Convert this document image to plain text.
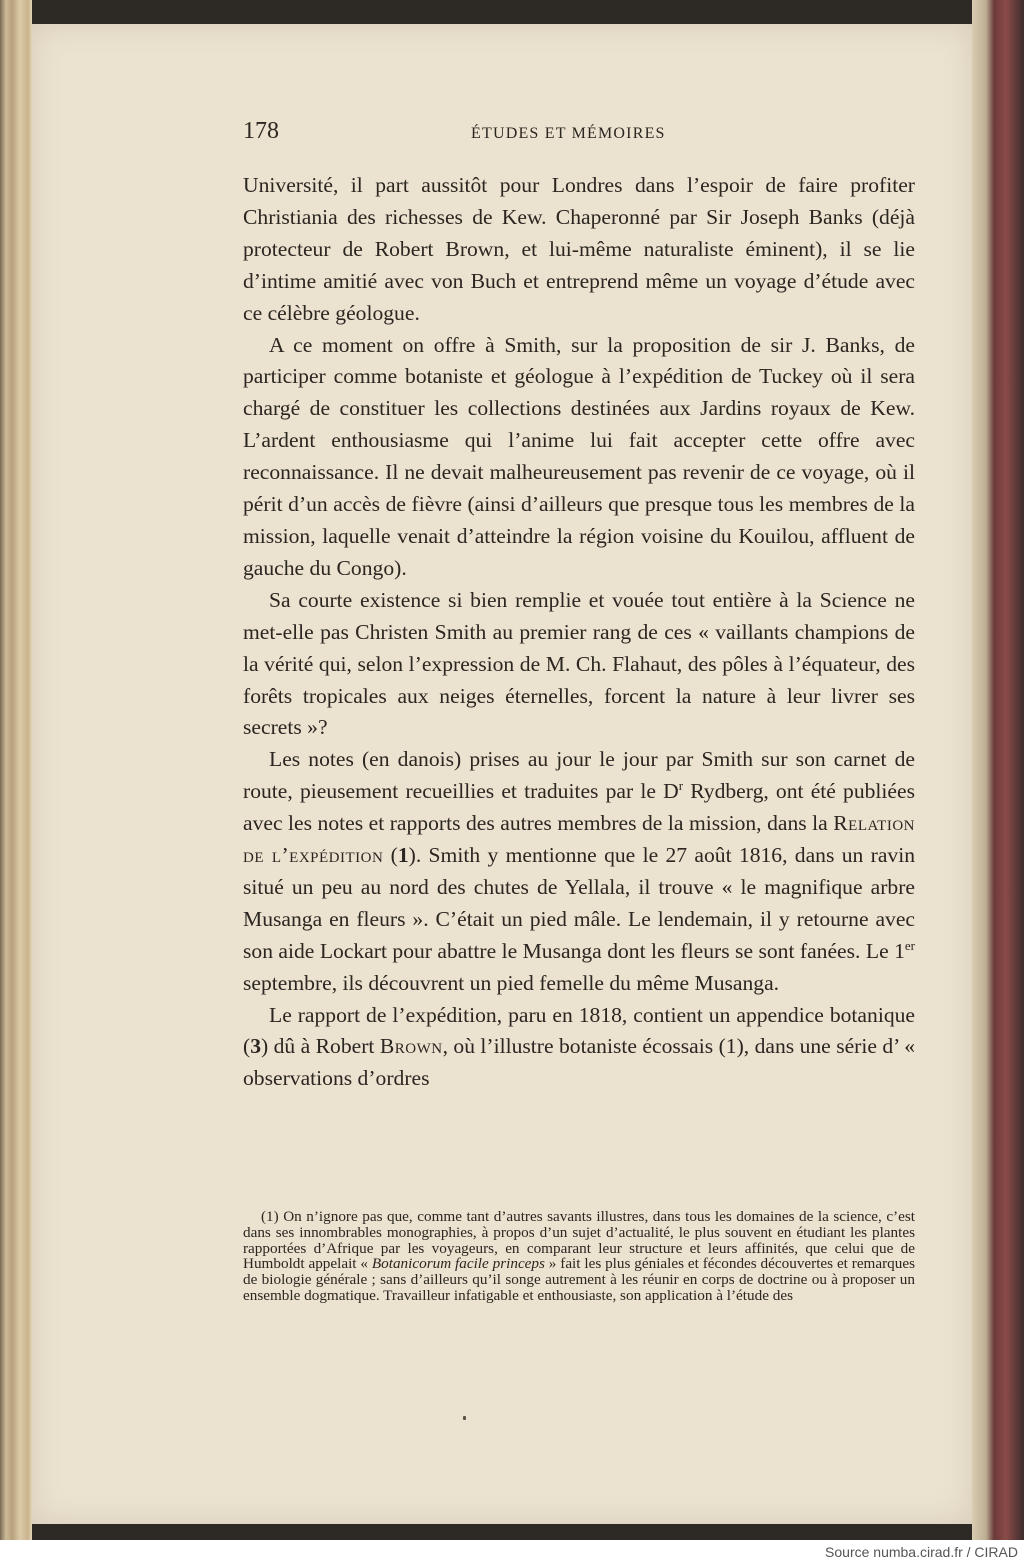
178	ÉTUDES ET MÉMOIRES

Université, il part aussitôt pour Londres dans l’espoir de faire profiter Christiania des richesses de Kew. Chaperonné par Sir Joseph Banks (déjà protecteur de Robert Brown, et lui-même naturaliste éminent), il se lie d’intime amitié avec von Buch et entreprend même un voyage d’étude avec ce célèbre géologue.

A ce moment on offre à Smith, sur la proposition de sir J. Banks, de participer comme botaniste et géologue à l’expédition de Tuckey où il sera chargé de constituer les collections destinées aux Jardins royaux de Kew. L’ardent enthousiasme qui l’anime lui fait accepter cette offre avec reconnaissance. Il ne devait malheureusement pas revenir de ce voyage, où il périt d’un accès de fièvre (ainsi d’ailleurs que presque tous les membres de la mission, laquelle venait d’atteindre la région voisine du Kouilou, affluent de gauche du Congo).

Sa courte existence si bien remplie et vouée tout entière à la Science ne met-elle pas Christen Smith au premier rang de ces « vaillants champions de la vérité qui, selon l’expression de M. Ch. Flahaut, des pôles à l’équateur, des forêts tropicales aux neiges éternelles, forcent la nature à leur livrer ses secrets »?

Les notes (en danois) prises au jour le jour par Smith sur son carnet de route, pieusement recueillies et traduites par le $D^r$ Rydberg, ont été publiées avec les notes et rapports des autres membres de la mission, dans la Relation de l’expédition (1). Smith y mentionne que le 27 août 1816, dans un ravin situé un peu au nord des chutes de Yellala, il trouve « le magnifique arbre Musanga en fleurs ». C’était un pied mâle. Le lendemain, il y retourne avec son aide Lockart pour abattre le Musanga dont les fleurs se sont fanées. Le 1er septembre, ils découvrent un pied femelle du même Musanga.

Le rapport de l’expédition, paru en 1818, contient un appendice botanique (3) dû à Robert Brown, où l’illustre botaniste écossais (1), dans une série d’ « observations d’ordres

(1) On n’ignore pas que, comme tant d’autres savants illustres, dans tous les domaines de la science, c’est dans ses innombrables monographies, à propos d’un sujet d’actualité, le plus souvent en étudiant les plantes rapportées d’Afrique par les voyageurs, en comparant leur structure et leurs affinités, que celui que de Humboldt appelait « Botanicorum facile princeps » fait les plus géniales et fécondes découvertes et remarques de biologie générale ; sans d’ailleurs qu’il songe autrement à les réunir en corps de doctrine ou à proposer un ensemble dogmatique. Travailleur infatigable et enthousiaste, son application à l’étude des

Source numba.cirad.fr / CIRAD
